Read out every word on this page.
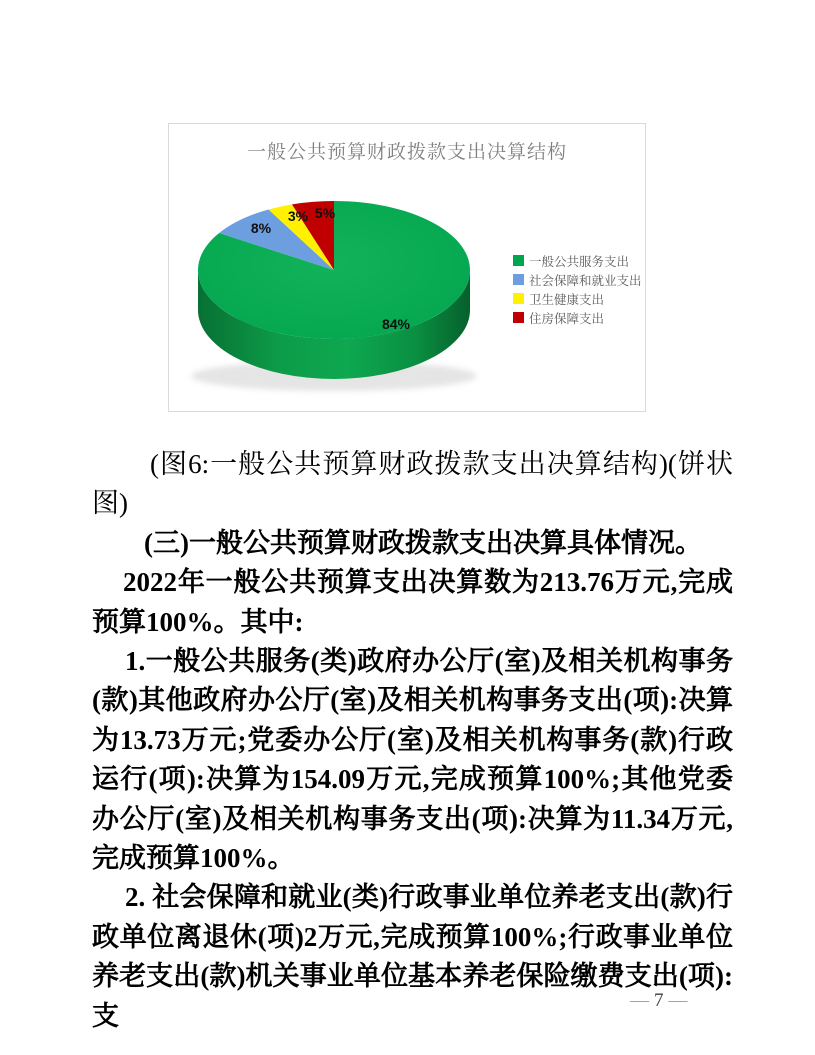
一般公共预算财政拨款支出决算结构
84%
8%
3% 5%
一般公共服务支出
社会保障和就业支出
卫生健康支出
住房保障支出

(图6:一般公共预算财政拨款支出决算结构)(饼状图)

(三)一般公共预算财政拨款支出决算具体情况。

2022年一般公共预算支出决算数为213.76万元,完成预算100%。其中:

1.一般公共服务(类)政府办公厅(室)及相关机构事务(款)其他政府办公厅(室)及相关机构事务支出(项):决算为13.73万元;党委办公厅(室)及相关机构事务(款)行政运行(项):决算为154.09万元,完成预算100%;其他党委办公厅(室)及相关机构事务支出(项):决算为11.34万元,完成预算100%。

2. 社会保障和就业(类)行政事业单位养老支出(款)行政单位离退休(项)2万元,完成预算100%;行政事业单位养老支出(款)机关事业单位基本养老保险缴费支出(项):支

— 7 —
